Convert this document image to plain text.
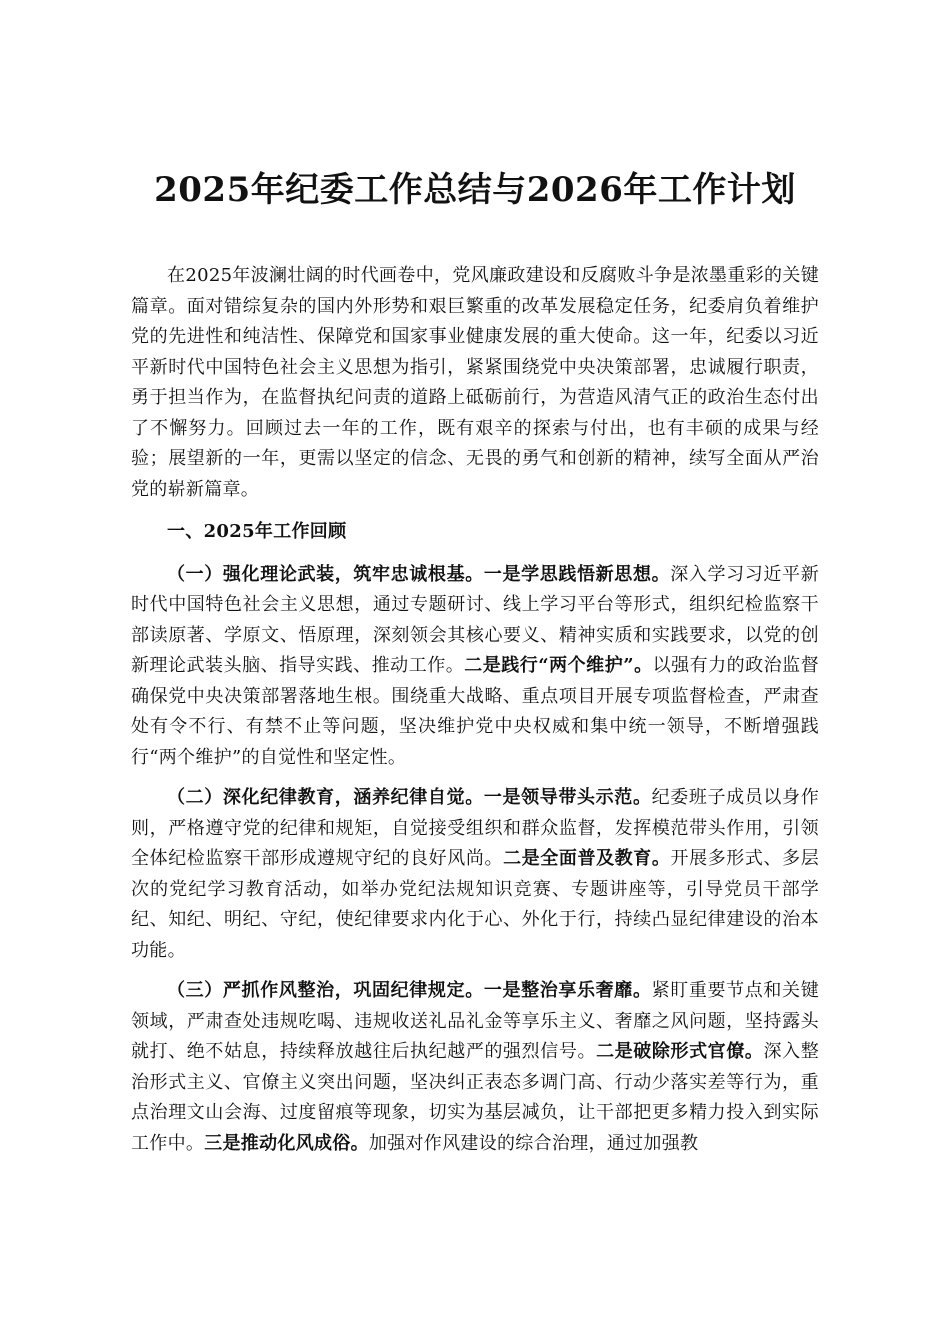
2025年纪委工作总结与2026年工作计划

在2025年波澜壮阔的时代画卷中，党风廉政建设和反腐败斗争是浓墨重彩的关键篇章。面对错综复杂的国内外形势和艰巨繁重的改革发展稳定任务，纪委肩负着维护党的先进性和纯洁性、保障党和国家事业健康发展的重大使命。这一年，纪委以习近平新时代中国特色社会主义思想为指引，紧紧围绕党中央决策部署，忠诚履行职责，勇于担当作为，在监督执纪问责的道路上砥砺前行，为营造风清气正的政治生态付出了不懈努力。回顾过去一年的工作，既有艰辛的探索与付出，也有丰硕的成果与经验；展望新的一年，更需以坚定的信念、无畏的勇气和创新的精神，续写全面从严治党的崭新篇章。

一、2025年工作回顾

（一）强化理论武装，筑牢忠诚根基。一是学思践悟新思想。深入学习习近平新时代中国特色社会主义思想，通过专题研讨、线上学习平台等形式，组织纪检监察干部读原著、学原文、悟原理，深刻领会其核心要义、精神实质和实践要求，以党的创新理论武装头脑、指导实践、推动工作。二是践行“两个维护”。以强有力的政治监督确保党中央决策部署落地生根。围绕重大战略、重点项目开展专项监督检查，严肃查处有令不行、有禁不止等问题，坚决维护党中央权威和集中统一领导，不断增强践行“两个维护”的自觉性和坚定性。

（二）深化纪律教育，涵养纪律自觉。一是领导带头示范。纪委班子成员以身作则，严格遵守党的纪律和规矩，自觉接受组织和群众监督，发挥模范带头作用，引领全体纪检监察干部形成遵规守纪的良好风尚。二是全面普及教育。开展多形式、多层次的党纪学习教育活动，如举办党纪法规知识竞赛、专题讲座等，引导党员干部学纪、知纪、明纪、守纪，使纪律要求内化于心、外化于行，持续凸显纪律建设的治本功能。

（三）严抓作风整治，巩固纪律规定。一是整治享乐奢靡。紧盯重要节点和关键领域，严肃查处违规吃喝、违规收送礼品礼金等享乐主义、奢靡之风问题，坚持露头就打、绝不姑息，持续释放越往后执纪越严的强烈信号。二是破除形式官僚。深入整治形式主义、官僚主义突出问题，坚决纠正表态多调门高、行动少落实差等行为，重点治理文山会海、过度留痕等现象，切实为基层减负，让干部把更多精力投入到实际工作中。三是推动化风成俗。加强对作风建设的综合治理，通过加强教
